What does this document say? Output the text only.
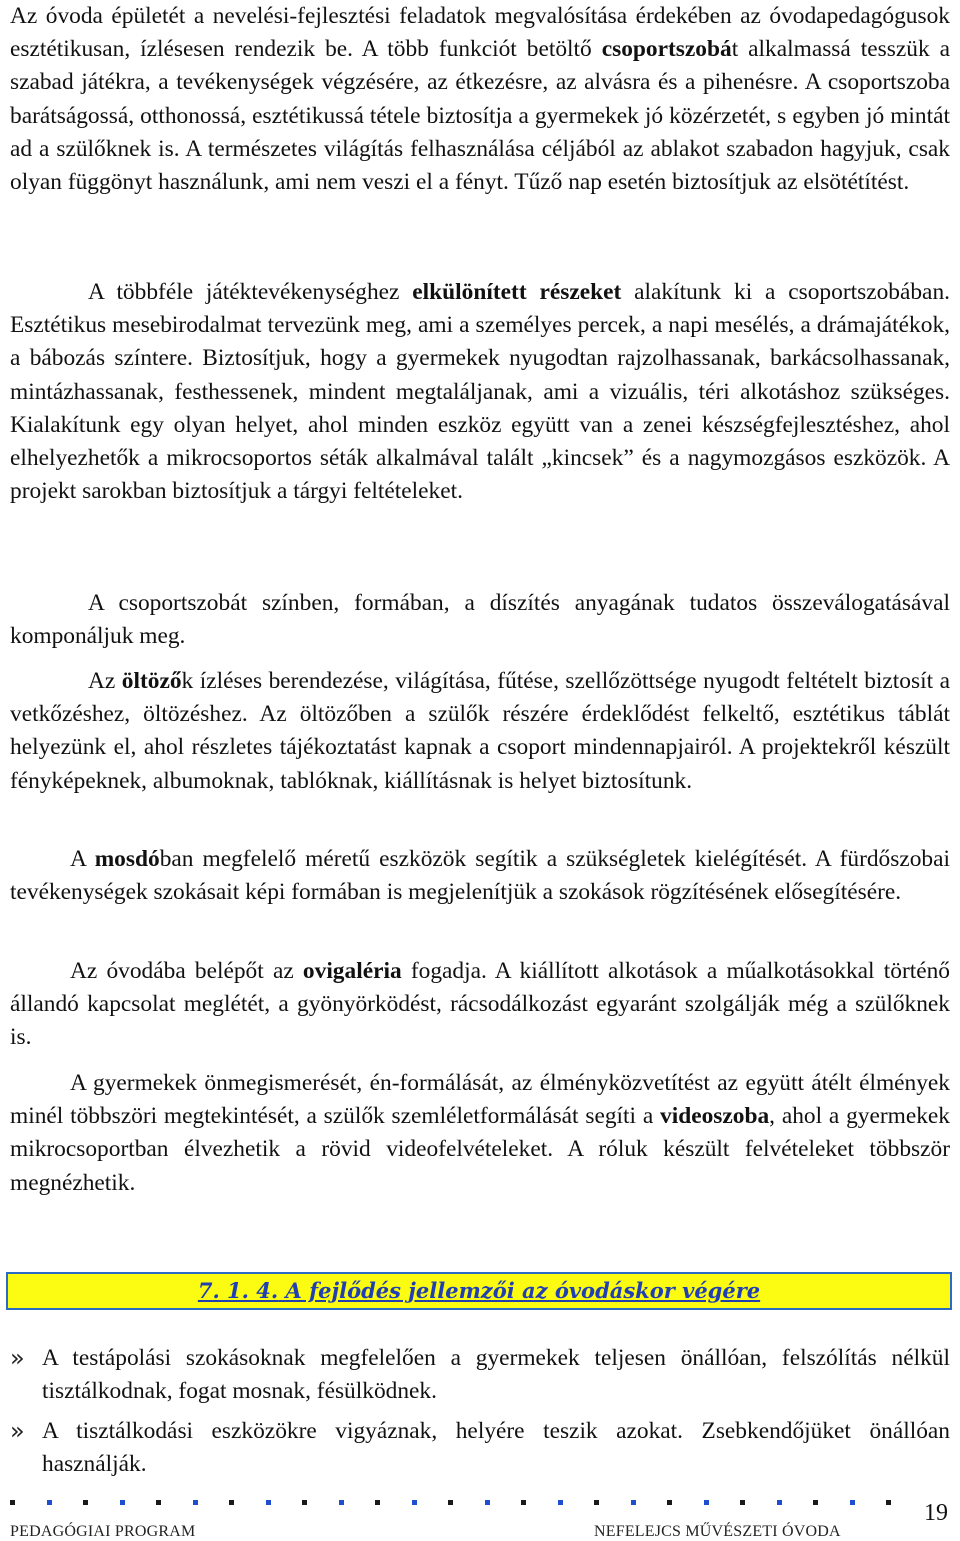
Az óvoda épületét a nevelési-fejlesztési feladatok megvalósítása érdekében az óvodapedagógusok esztétikusan, ízlésesen rendezik be. A több funkciót betöltő csoportszobát alkalmassá tesszük a szabad játékra, a tevékenységek végzésére, az étkezésre, az alvásra és a pihenésre. A csoportszoba barátságossá, otthonossá, esztétikussá tétele biztosítja a gyermekek jó közérzetét, s egyben jó mintát ad a szülőknek is. A természetes világítás felhasználása céljából az ablakot szabadon hagyjuk, csak olyan függönyt használunk, ami nem veszi el a fényt. Tűző nap esetén biztosítjuk az elsötétítést.

A többféle játéktevékenységhez elkülönített részeket alakítunk ki a csoportszobában. Esztétikus mesebirodalmat tervezünk meg, ami a személyes percek, a napi mesélés, a drámajátékok, a bábozás színtere. Biztosítjuk, hogy a gyermekek nyugodtan rajzolhassanak, barkácsolhassanak, mintázhassanak, festhessenek, mindent megtaláljanak, ami a vizuális, téri alkotáshoz szükséges. Kialakítunk egy olyan helyet, ahol minden eszköz együtt van a zenei készségfejlesztéshez, ahol elhelyezhetők a mikrocsoportos séták alkalmával talált „kincsek” és a nagymozgásos eszközök. A projekt sarokban biztosítjuk a tárgyi feltételeket.

A csoportszobát színben, formában, a díszítés anyagának tudatos összeválogatásával komponáljuk meg.

Az öltözők ízléses berendezése, világítása, fűtése, szellőzöttsége nyugodt feltételt biztosít a vetkőzéshez, öltözéshez. Az öltözőben a szülők részére érdeklődést felkeltő, esztétikus táblát helyezünk el, ahol részletes tájékoztatást kapnak a csoport mindennapjairól. A projektekről készült fényképeknek, albumoknak, tablóknak, kiállításnak is helyet biztosítunk.

A mosdóban megfelelő méretű eszközök segítik a szükségletek kielégítését. A fürdőszobai tevékenységek szokásait képi formában is megjelenítjük a szokások rögzítésének elősegítésére.

Az óvodába belépőt az ovigaléria fogadja. A kiállított alkotások a műalkotásokkal történő állandó kapcsolat meglétét, a gyönyörködést, rácsodálkozást egyaránt szolgálják még a szülőknek is.

A gyermekek önmegismerését, én-formálását, az élményközvetítést az együtt átélt élmények minél többszöri megtekintését, a szülők szemléletformálását segíti a videoszoba, ahol a gyermekek mikrocsoportban élvezhetik a rövid videofelvételeket. A róluk készült felvételeket többször megnézhetik.

7. 1. 4. A fejlődés jellemzői az óvodáskor végére
» A testápolási szokásoknak megfelelően a gyermekek teljesen önállóan, felszólítás nélkül tisztálkodnak, fogat mosnak, fésülködnek.
» A tisztálkodási eszközökre vigyáznak, helyére teszik azokat. Zsebkendőjüket önállóan használják.
19
PEDAGÓGIAI PROGRAM	NEFELEJCS MŰVÉSZETI ÓVODA
